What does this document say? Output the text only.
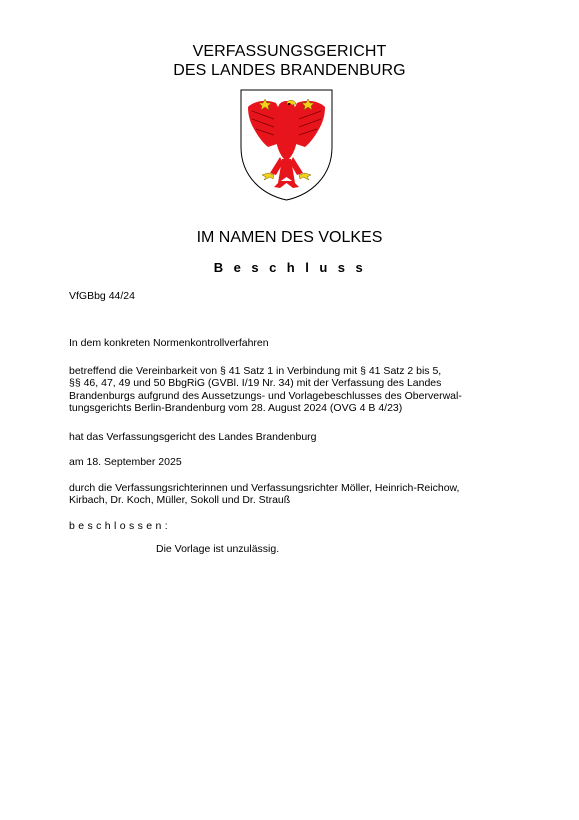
VERFASSUNGSGERICHT
DES LANDES BRANDENBURG
IM NAMEN DES VOLKES
Beschluss
VfGBbg 44/24
In dem konkreten Normenkontrollverfahren
betreffend die Vereinbarkeit von § 41 Satz 1 in Verbindung mit § 41 Satz 2 bis 5,
§§ 46, 47, 49 und 50 BbgRiG (GVBl. I/19 Nr. 34) mit der Verfassung des Landes
Brandenburgs aufgrund des Aussetzungs- und Vorlagebeschlusses des Oberverwal-
tungsgerichts Berlin-Brandenburg vom 28. August 2024 (OVG 4 B 4/23)
hat das Verfassungsgericht des Landes Brandenburg
am 18. September 2025
durch die Verfassungsrichterinnen und Verfassungsrichter Möller, Heinrich-Reichow,
Kirbach, Dr. Koch, Müller, Sokoll und Dr. Strauß
beschlossen:
Die Vorlage ist unzulässig.
